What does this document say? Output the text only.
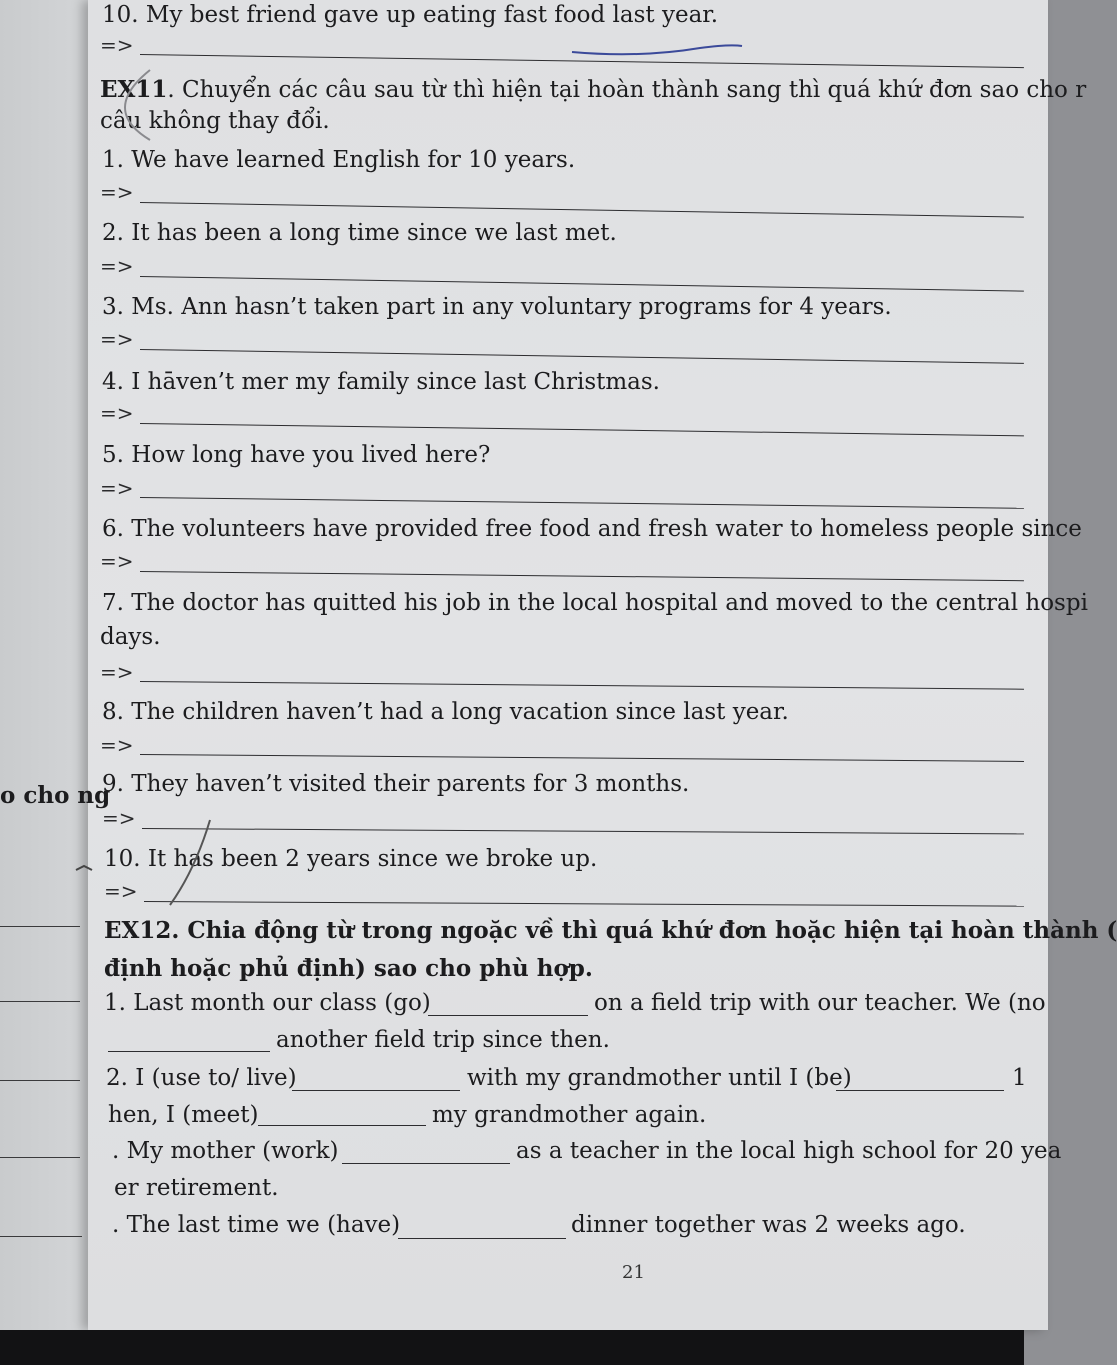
o cho ng
10. My best friend gave up eating fast food last year.
=>
EX11. Chuyển các câu sau từ thì hiện tại hoàn thành sang thì quá khứ đơn sao cho r
câu không thay đổi.
1. We have learned English for 10 years.
=>
2. It has been a long time since we last met.
=>
3. Ms. Ann hasn’t taken part in any voluntary programs for 4 years.
=>
4. I hāven’t mer my family since last Christmas.
=>
5. How long have you lived here?
=>
6. The volunteers have provided free food and fresh water to homeless people since
=>
7. The doctor has quitted his job in the local hospital and moved to the central hospi
days.
=>
8. The children haven’t had a long vacation since last year.
=>
9. They haven’t visited their parents for 3 months.
=>
10. It has been 2 years since we broke up.
=>
EX12. Chia động từ trong ngoặc về thì quá khứ đơn hoặc hiện tại hoàn thành (
định hoặc phủ định) sao cho phù hợp.
1. Last month our class (go)	on a field trip with our teacher. We (no
another field trip since then.
2. I (use to/ live)	with my grandmother until I (be)	1
hen, I (meet)	my grandmother again.
. My mother (work)	as a teacher in the local high school for 20 yea
er retirement.
. The last time we (have)	dinner together was 2 weeks ago.
21
